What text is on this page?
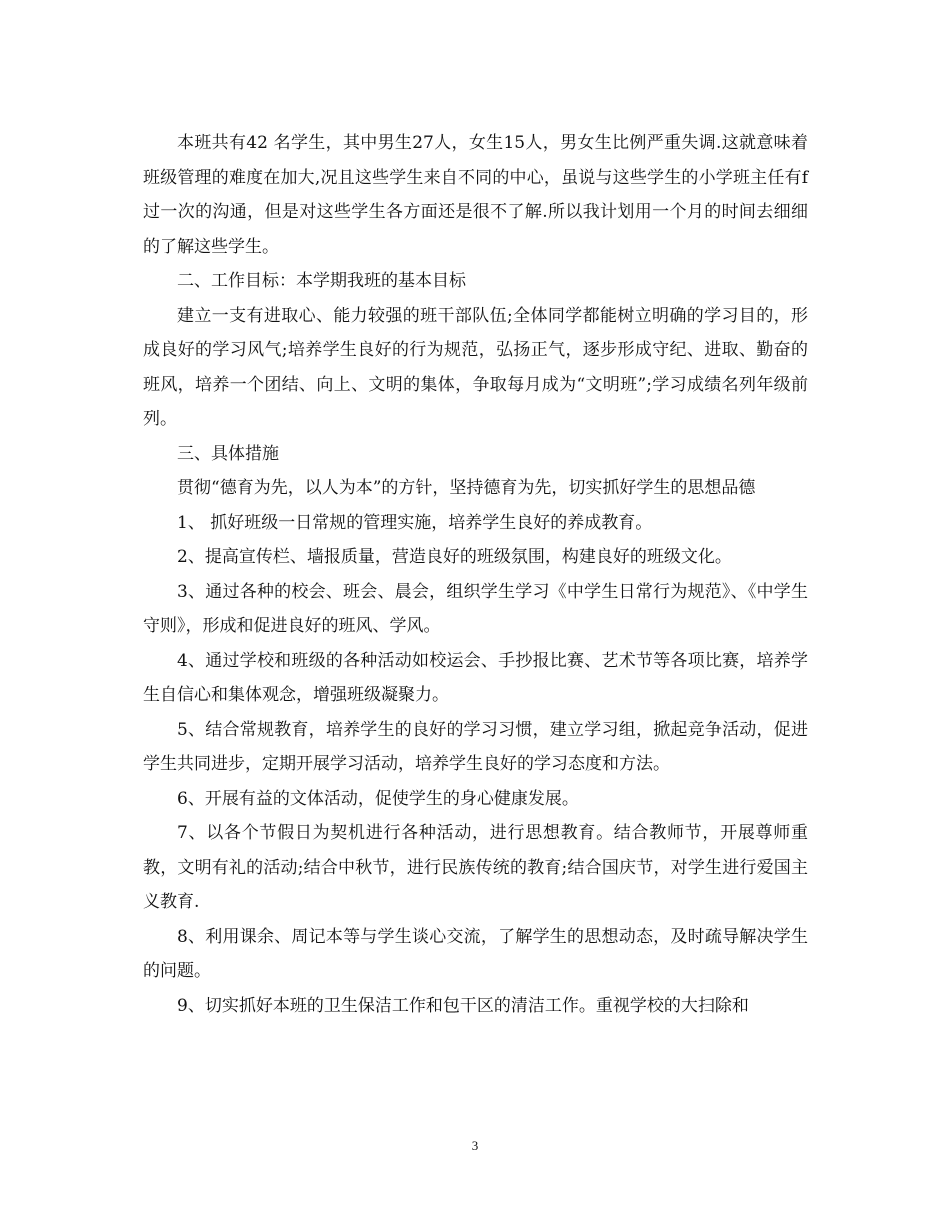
本班共有42 名学生，其中男生27人，女生15人，男女生比例严重失调.这就意味着班级管理的难度在加大,况且这些学生来自不同的中心，虽说与这些学生的小学班主任有f过一次的沟通，但是对这些学生各方面还是很不了解.所以我计划用一个月的时间去细细的了解这些学生。

二、工作目标：本学期我班的基本目标

建立一支有进取心、能力较强的班干部队伍;全体同学都能树立明确的学习目的，形成良好的学习风气;培养学生良好的行为规范，弘扬正气，逐步形成守纪、进取、勤奋的班风，培养一个团结、向上、文明的集体，争取每月成为“文明班”;学习成绩名列年级前列。

三、具体措施

贯彻“德育为先，以人为本”的方针，坚持德育为先，切实抓好学生的思想品德

1、 抓好班级一日常规的管理实施，培养学生良好的养成教育。

2、提高宣传栏、墙报质量，营造良好的班级氛围，构建良好的班级文化。

3、通过各种的校会、班会、晨会，组织学生学习《中学生日常行为规范》、《中学生守则》，形成和促进良好的班风、学风。

4、通过学校和班级的各种活动如校运会、手抄报比赛、艺术节等各项比赛，培养学生自信心和集体观念，增强班级凝聚力。

5、结合常规教育，培养学生的良好的学习习惯，建立学习组，掀起竞争活动，促进学生共同进步，定期开展学习活动，培养学生良好的学习态度和方法。

6、开展有益的文体活动，促使学生的身心健康发展。

7、以各个节假日为契机进行各种活动，进行思想教育。结合教师节，开展尊师重教，文明有礼的活动;结合中秋节，进行民族传统的教育;结合国庆节，对学生进行爱国主义教育.

8、利用课余、周记本等与学生谈心交流，了解学生的思想动态，及时疏导解决学生的问题。

9、切实抓好本班的卫生保洁工作和包干区的清洁工作。重视学校的大扫除和

3
